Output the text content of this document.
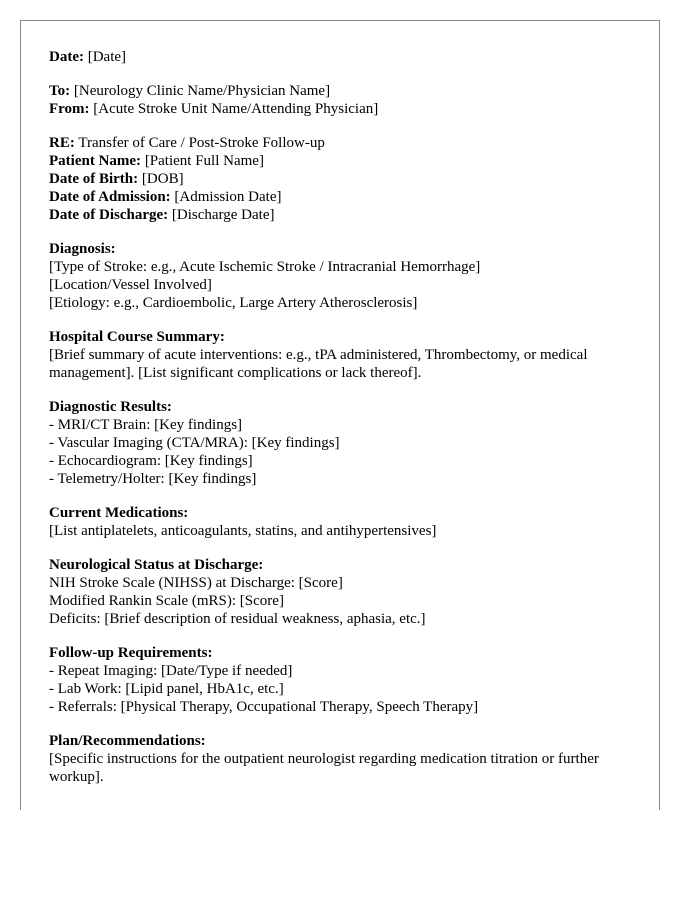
Date: [Date]
To: [Neurology Clinic Name/Physician Name]
From: [Acute Stroke Unit Name/Attending Physician]
RE: Transfer of Care / Post-Stroke Follow-up
Patient Name: [Patient Full Name]
Date of Birth: [DOB]
Date of Admission: [Admission Date]
Date of Discharge: [Discharge Date]
Diagnosis:
[Type of Stroke: e.g., Acute Ischemic Stroke / Intracranial Hemorrhage]
[Location/Vessel Involved]
[Etiology: e.g., Cardioembolic, Large Artery Atherosclerosis]
Hospital Course Summary:
[Brief summary of acute interventions: e.g., tPA administered, Thrombectomy, or medical management]. [List significant complications or lack thereof].
Diagnostic Results:
- MRI/CT Brain: [Key findings]
- Vascular Imaging (CTA/MRA): [Key findings]
- Echocardiogram: [Key findings]
- Telemetry/Holter: [Key findings]
Current Medications:
[List antiplatelets, anticoagulants, statins, and antihypertensives]
Neurological Status at Discharge:
NIH Stroke Scale (NIHSS) at Discharge: [Score]
Modified Rankin Scale (mRS): [Score]
Deficits: [Brief description of residual weakness, aphasia, etc.]
Follow-up Requirements:
- Repeat Imaging: [Date/Type if needed]
- Lab Work: [Lipid panel, HbA1c, etc.]
- Referrals: [Physical Therapy, Occupational Therapy, Speech Therapy]
Plan/Recommendations:
[Specific instructions for the outpatient neurologist regarding medication titration or further workup].
